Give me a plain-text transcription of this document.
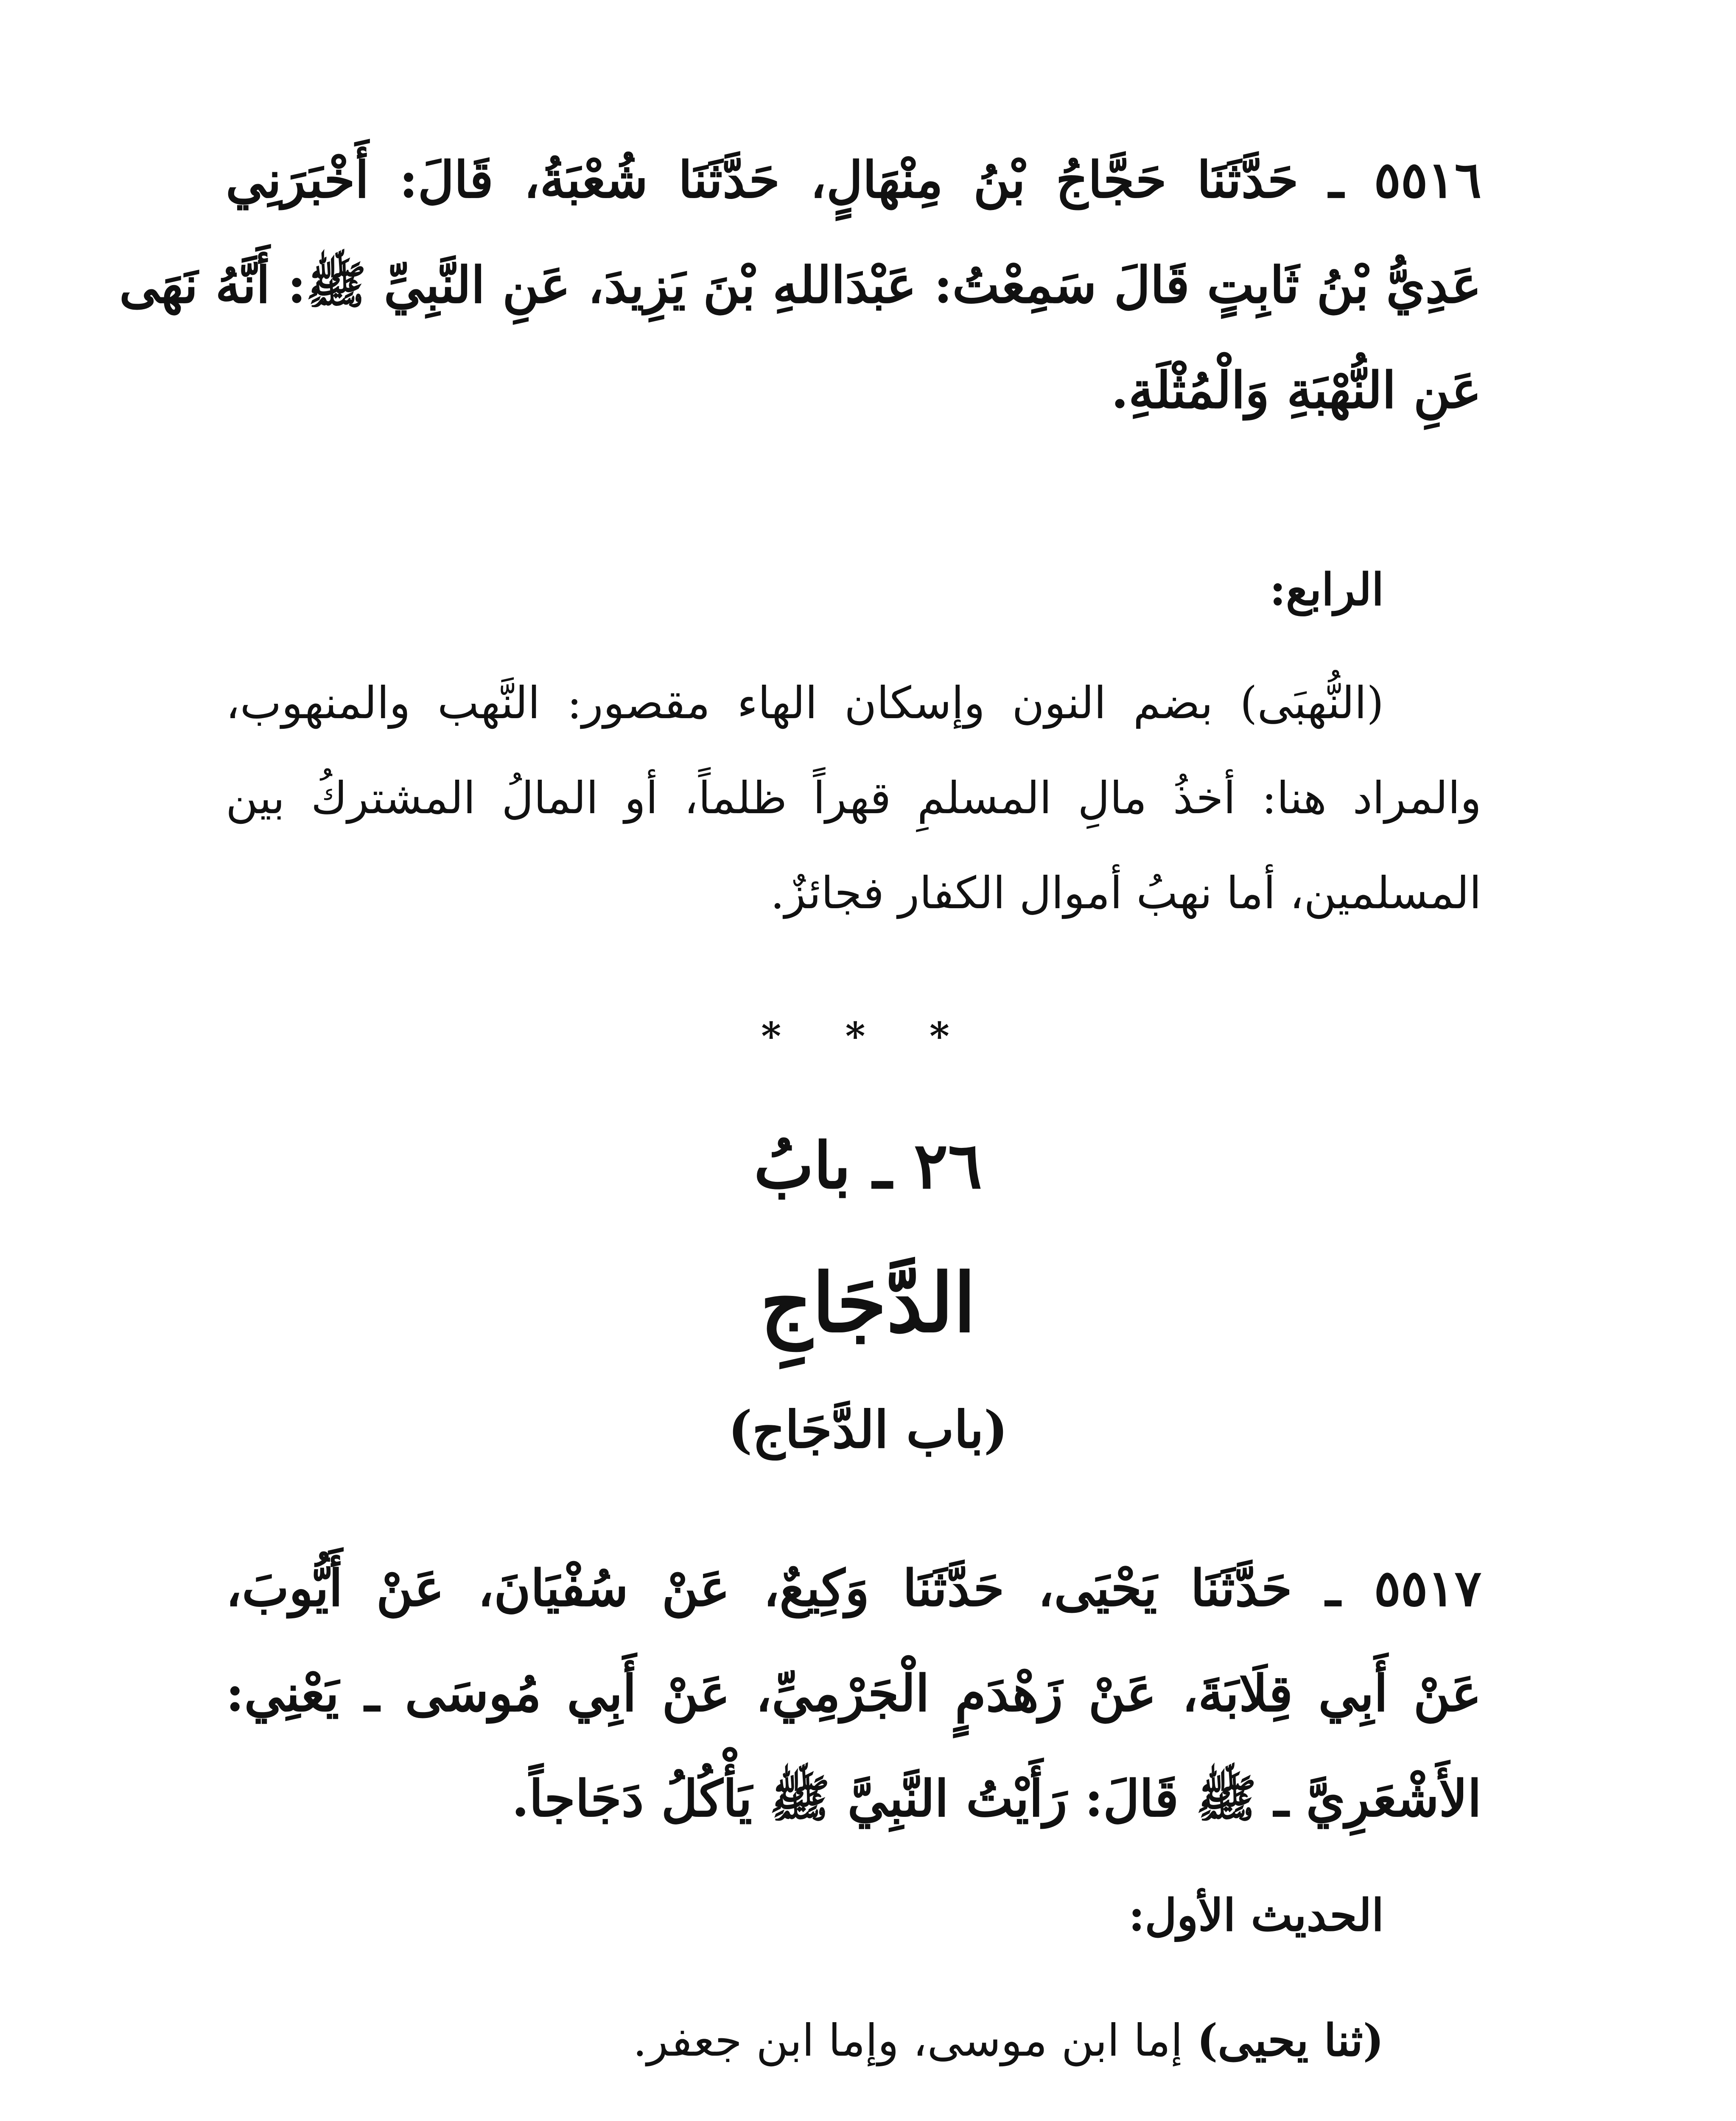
٥٥١٦ ـ حَدَّثَنَا حَجَّاجُ بْنُ مِنْهَالٍ، حَدَّثَنَا شُعْبَةُ، قَالَ: أَخْبَرَنِي
عَدِيُّ بْنُ ثَابِتٍ قَالَ سَمِعْتُ: عَبْدَاللهِ بْنَ يَزِيدَ، عَنِ النَّبِيِّ ﷺ: أَنَّهُ نَهَى
عَنِ النُّهْبَةِ وَالْمُثْلَةِ.
الرابع:
(النُّهبَى) بضم النون وإسكان الهاء مقصور: النَّهب والمنهوب،
والمراد هنا: أخذُ مالِ المسلمِ قهراً ظلماً، أو المالُ المشتركُ بين
المسلمين، أما نهبُ أموال الكفار فجائزٌ.
* * *
٢٦ ـ بابُ
الدَّجَاجِ
(باب الدَّجَاج)
٥٥١٧ ـ حَدَّثَنَا يَحْيَى، حَدَّثَنَا وَكِيعٌ، عَنْ سُفْيَانَ، عَنْ أَيُّوبَ،
عَنْ أَبِي قِلَابَةَ، عَنْ زَهْدَمٍ الْجَرْمِيِّ، عَنْ أَبِي مُوسَى ـ يَعْنِي:
الأَشْعَرِيَّ ـ ﷺ قَالَ: رَأَيْتُ النَّبِيَّ ﷺ يَأْكُلُ دَجَاجاً.
الحديث الأول:
(ثنا يحيى) إما ابن موسى، وإما ابن جعفر.
